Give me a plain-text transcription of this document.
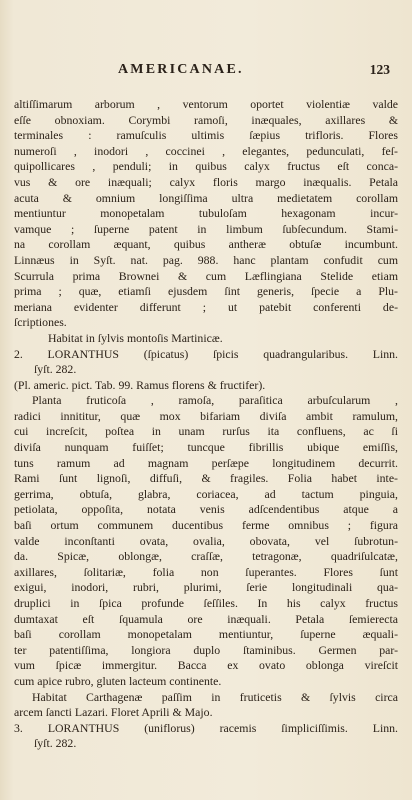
AMERICANAE.	123
altiſſimarum arborum , ventorum oportet violentiæ valde
eſſe obnoxiam. Corymbi ramoſi, inæquales, axillares &
terminales : ramuſculis ultimis ſæpius trifloris. Flores
numeroſi , inodori , coccinei , elegantes, pedunculati, feſ-
quipollicares , penduli; in quibus calyx fructus eſt conca-
vus & ore inæquali; calyx floris margo inæqualis. Petala
acuta & omnium longiſſima ultra medietatem corollam
mentiuntur monopetalam tubuloſam hexagonam incur-
vamque ; ſuperne patent in limbum ſubſecundum. Stami-
na corollam æquant, quibus antheræ obtuſæ incumbunt.
Linnæus in Syſt. nat. pag. 988. hanc plantam confudit cum
Scurrula prima Brownei & cum Læflingiana Stelide etiam
prima ; quæ, etiamſi ejusdem ſint generis, ſpecie a Plu-
meriana evidenter differunt ; ut patebit conferenti de-
ſcriptiones.
Habitat in ſylvis montoſis Martinicæ.
2. LORANTHUS (ſpicatus) ſpicis quadrangularibus. Linn.
ſyſt. 282.
(Pl. americ. pict. Tab. 99. Ramus florens & fructifer).
Planta fruticoſa , ramoſa, paraſitica arbuſcularum ,
radici innititur, quæ mox bifariam diviſa ambit ramulum,
cui increſcit, poſtea in unam rurſus ita confluens, ac ſi
diviſa nunquam fuiſſet; tuncque fibrillis ubique emiſſis,
tuns ramum ad magnam perſæpe longitudinem decurrit.
Rami ſunt lignoſi, diffuſi, & fragiles. Folia habet inte-
gerrima, obtuſa, glabra, coriacea, ad tactum pinguia,
petiolata, oppoſita, notata venis adſcendentibus atque a
baſi ortum communem ducentibus ferme omnibus ; figura
valde inconſtanti ovata, ovalia, obovata, vel ſubrotun-
da. Spicæ, oblongæ, craſſæ, tetragonæ, quadriſulcatæ,
axillares, ſolitariæ, folia non ſuperantes. Flores ſunt
exigui, inodori, rubri, plurimi, ſerie longitudinali qua-
druplici in ſpica profunde ſeſſiles. In his calyx fructus
dumtaxat eſt ſquamula ore inæquali. Petala ſemierecta
baſi corollam monopetalam mentiuntur, ſuperne æquali-
ter patentiſſima, longiora duplo ſtaminibus. Germen par-
vum ſpicæ immergitur. Bacca ex ovato oblonga vireſcit
cum apice rubro, gluten lacteum continente.
Habitat Carthagenæ paſſim in fruticetis & ſylvis circa
arcem ſancti Lazari. Floret Aprili & Majo.
3. LORANTHUS (uniflorus) racemis ſimpliciſſimis. Linn.
ſyſt. 282.
